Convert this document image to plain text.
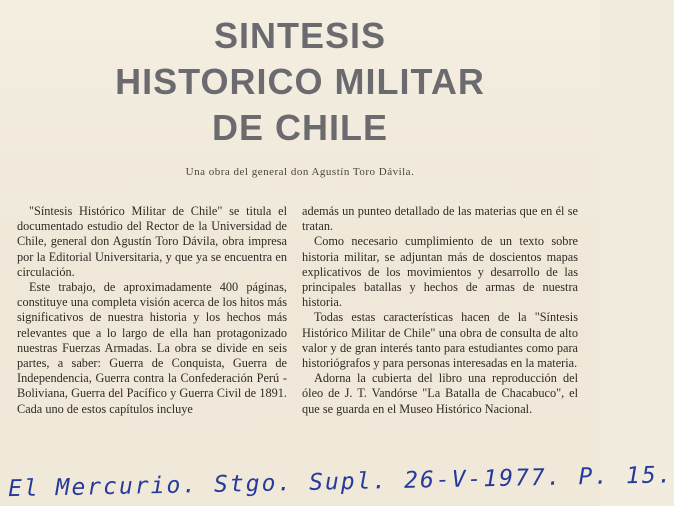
SINTESIS
HISTORICO MILITAR
DE CHILE
Una obra del general don Agustín Toro Dávila.

"Síntesis Histórico Militar de Chile" se titula el documentado estudio del Rector de la Universidad de Chile, general don Agustín Toro Dávila, obra impresa por la Editorial Universitaria, y que ya se encuentra en circulación.

Este trabajo, de aproximadamente 400 páginas, constituye una completa visión acerca de los hitos más significativos de nuestra historia y los hechos más relevantes que a lo largo de ella han protagonizado nuestras Fuerzas Armadas. La obra se divide en seis partes, a saber: Guerra de Conquista, Guerra de Independencia, Guerra contra la Confederación Perú - Boliviana, Guerra del Pacífico y Guerra Civil de 1891. Cada uno de estos capítulos incluye

además un punteo detallado de las materias que en él se tratan.

Como necesario cumplimiento de un texto sobre historia militar, se adjuntan más de doscientos mapas explicativos de los movimientos y desarrollo de las principales batallas y hechos de armas de nuestra historia.

Todas estas características hacen de la "Síntesis Histórico Militar de Chile" una obra de consulta de alto valor y de gran interés tanto para estudiantes como para historiógrafos y para personas interesadas en la materia.

Adorna la cubierta del libro una reproducción del óleo de J. T. Vandórse "La Batalla de Chacabuco", el que se guarda en el Museo Histórico Nacional.

El Mercurio. Stgo. Supl. 26-V-1977. P. 15.
